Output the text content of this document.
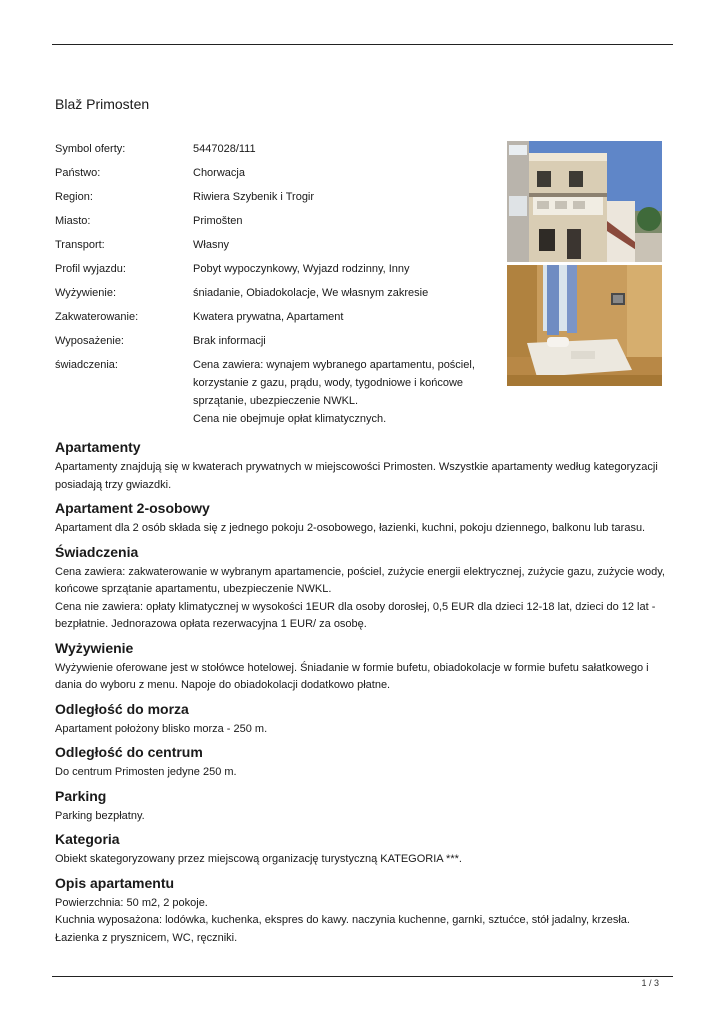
Blaž Primosten
Symbol oferty:	5447028/111
Państwo:	Chorwacja
Region:	Riwiera Szybenik i Trogir
Miasto:	Primošten
Transport:	Własny
Profil wyjazdu:	Pobyt wypoczynkowy, Wyjazd rodzinny, Inny
Wyżywienie:	śniadanie, Obiadokolacje, We własnym zakresie
Zakwaterowanie:	Kwatera prywatna, Apartament
Wyposażenie:	Brak informacji
świadczenia:	Cena zawiera: wynajem wybranego apartamentu, pościel,
korzystanie z gazu, prądu, wody, tygodniowe i końcowe
sprzątanie, ubezpieczenie NWKL.
Cena nie obejmuje opłat klimatycznych.
Apartamenty

Apartamenty znajdują się w kwaterach prywatnych w miejscowości Primosten. Wszystkie apartamenty według kategoryzacji
posiadają trzy gwiazdki.

Apartament 2-osobowy

Apartament dla 2 osób składa się z jednego pokoju 2-osobowego, łazienki, kuchni, pokoju dziennego, balkonu lub tarasu.

Świadczenia

Cena zawiera: zakwaterowanie w wybranym apartamencie, pościel, zużycie energii elektrycznej, zużycie gazu, zużycie wody,
końcowe sprzątanie apartamentu, ubezpieczenie NWKL.

Cena nie zawiera: opłaty klimatycznej w wysokości 1EUR dla osoby dorosłej, 0,5 EUR dla dzieci 12-18 lat, dzieci do 12 lat -
bezpłatnie. Jednorazowa opłata rezerwacyjna 1 EUR/ za osobę.

Wyżywienie

Wyżywienie oferowane jest w stołówce hotelowej. Śniadanie w formie bufetu, obiadokolacje w formie bufetu sałatkowego i
dania do wyboru z menu. Napoje do obiadokolacji dodatkowo płatne.

Odległość do morza

Apartament położony blisko morza - 250 m.

Odległość do centrum

Do centrum Primosten jedyne 250 m.

Parking

Parking bezpłatny.

Kategoria

Obiekt skategoryzowany przez miejscową organizację turystyczną KATEGORIA ***.

Opis apartamentu

Powierzchnia: 50 m2, 2 pokoje.

Kuchnia wyposażona: lodówka, kuchenka, ekspres do kawy. naczynia kuchenne, garnki, sztućce, stół jadalny, krzesła.

Łazienka z prysznicem, WC, ręczniki.

1 / 3
